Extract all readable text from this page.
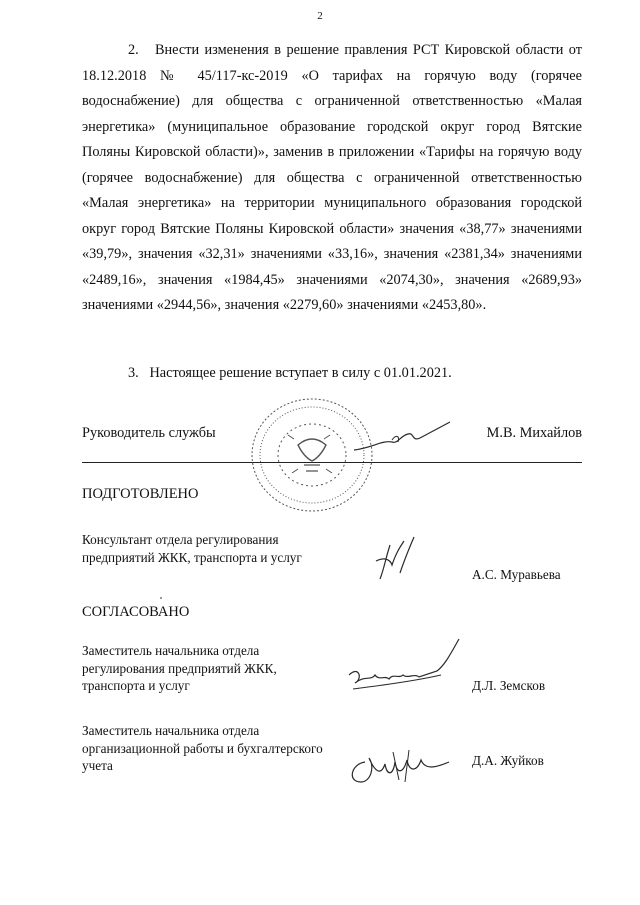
2

2.   Внести изменения в решение правления РСТ Кировской области от 18.12.2018 № 45/117-кс-2019 «О тарифах на горячую воду (горячее водоснабжение) для общества с ограниченной ответственностью «Малая энергетика» (муниципальное образование городской округ город Вятские Поляны Кировской области)», заменив в приложении «Тарифы на горячую воду (горячее водоснабжение) для общества с ограниченной ответственностью «Малая энергетика» на территории муниципального образования городской округ город Вятские Поляны Кировской области» значения «38,77» значениями «39,79», значения «32,31» значениями «33,16», значения «2381,34» значениями «2489,16», значения «1984,45» значениями «2074,30», значения «2689,93» значениями «2944,56», значения «2279,60» значениями «2453,80».

3.   Настоящее решение вступает в силу с 01.01.2021.

Руководитель службы	М.В. Михайлов
ПОДГОТОВЛЕНО
Консультант отдела регулирования предприятий ЖКК, транспорта и услуг
А.С. Муравьева
СОГЛАСОВАНО
Заместитель начальника отдела регулирования предприятий ЖКК, транспорта и услуг	Д.Л. Земсков
Заместитель начальника отдела организационной работы и бухгалтерского учета	Д.А. Жуйков
